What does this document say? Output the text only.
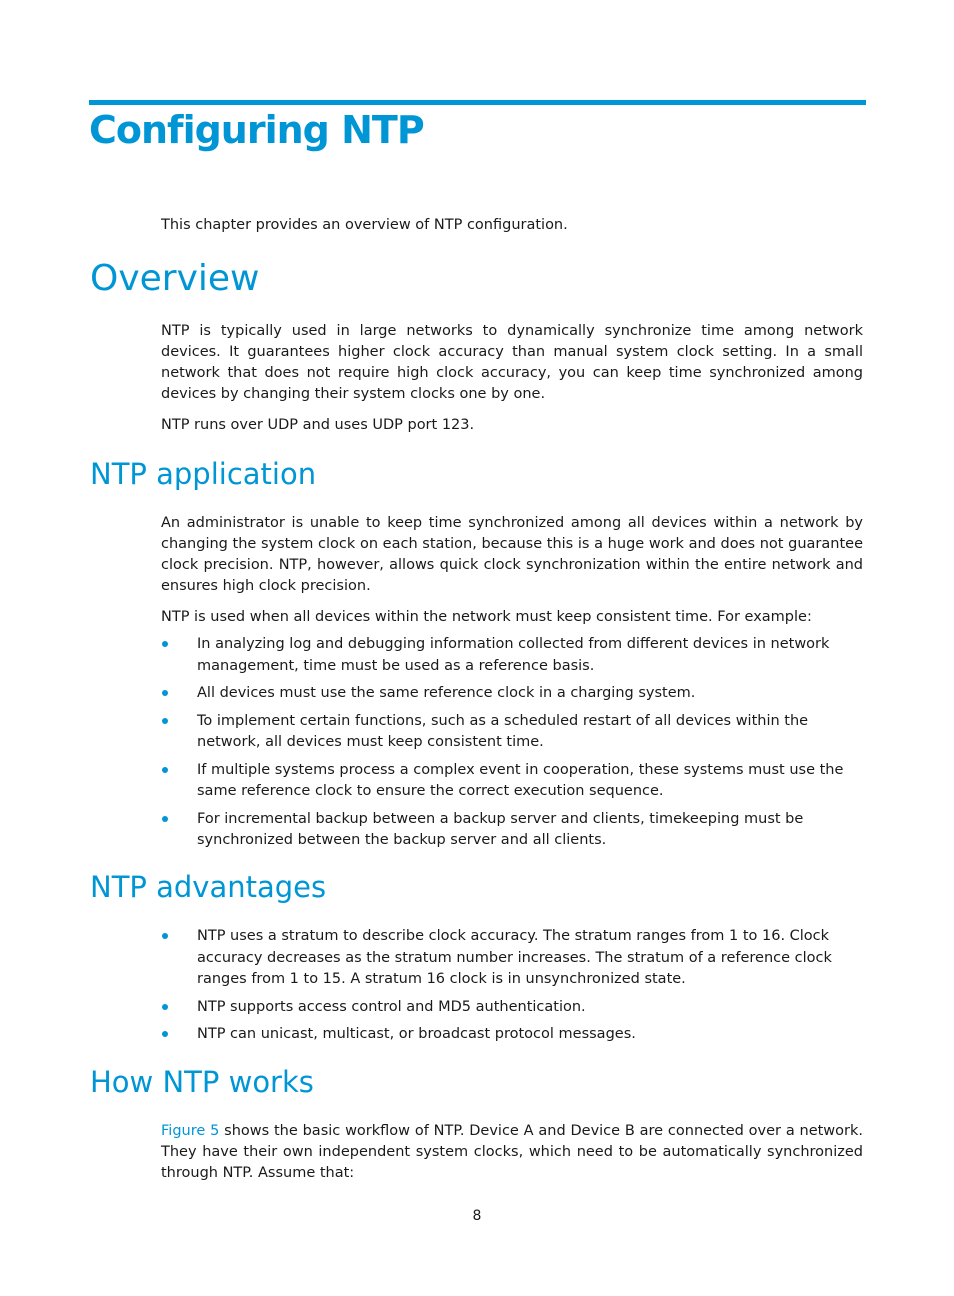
Configuring NTP
This chapter provides an overview of NTP configuration.
Overview
NTP is typically used in large networks to dynamically synchronize time among network devices. It guarantees higher clock accuracy than manual system clock setting. In a small network that does not require high clock accuracy, you can keep time synchronized among devices by changing their system clocks one by one.
NTP runs over UDP and uses UDP port 123.
NTP application
An administrator is unable to keep time synchronized among all devices within a network by changing the system clock on each station, because this is a huge work and does not guarantee clock precision. NTP, however, allows quick clock synchronization within the entire network and ensures high clock precision.
NTP is used when all devices within the network must keep consistent time. For example:
In analyzing log and debugging information collected from different devices in network management, time must be used as a reference basis.
All devices must use the same reference clock in a charging system.
To implement certain functions, such as a scheduled restart of all devices within the network, all devices must keep consistent time.
If multiple systems process a complex event in cooperation, these systems must use the same reference clock to ensure the correct execution sequence.
For incremental backup between a backup server and clients, timekeeping must be synchronized between the backup server and all clients.
NTP advantages
NTP uses a stratum to describe clock accuracy. The stratum ranges from 1 to 16. Clock accuracy decreases as the stratum number increases. The stratum of a reference clock ranges from 1 to 15. A stratum 16 clock is in unsynchronized state.
NTP supports access control and MD5 authentication.
NTP can unicast, multicast, or broadcast protocol messages.
How NTP works
Figure 5 shows the basic workflow of NTP. Device A and Device B are connected over a network. They have their own independent system clocks, which need to be automatically synchronized through NTP. Assume that:
8
